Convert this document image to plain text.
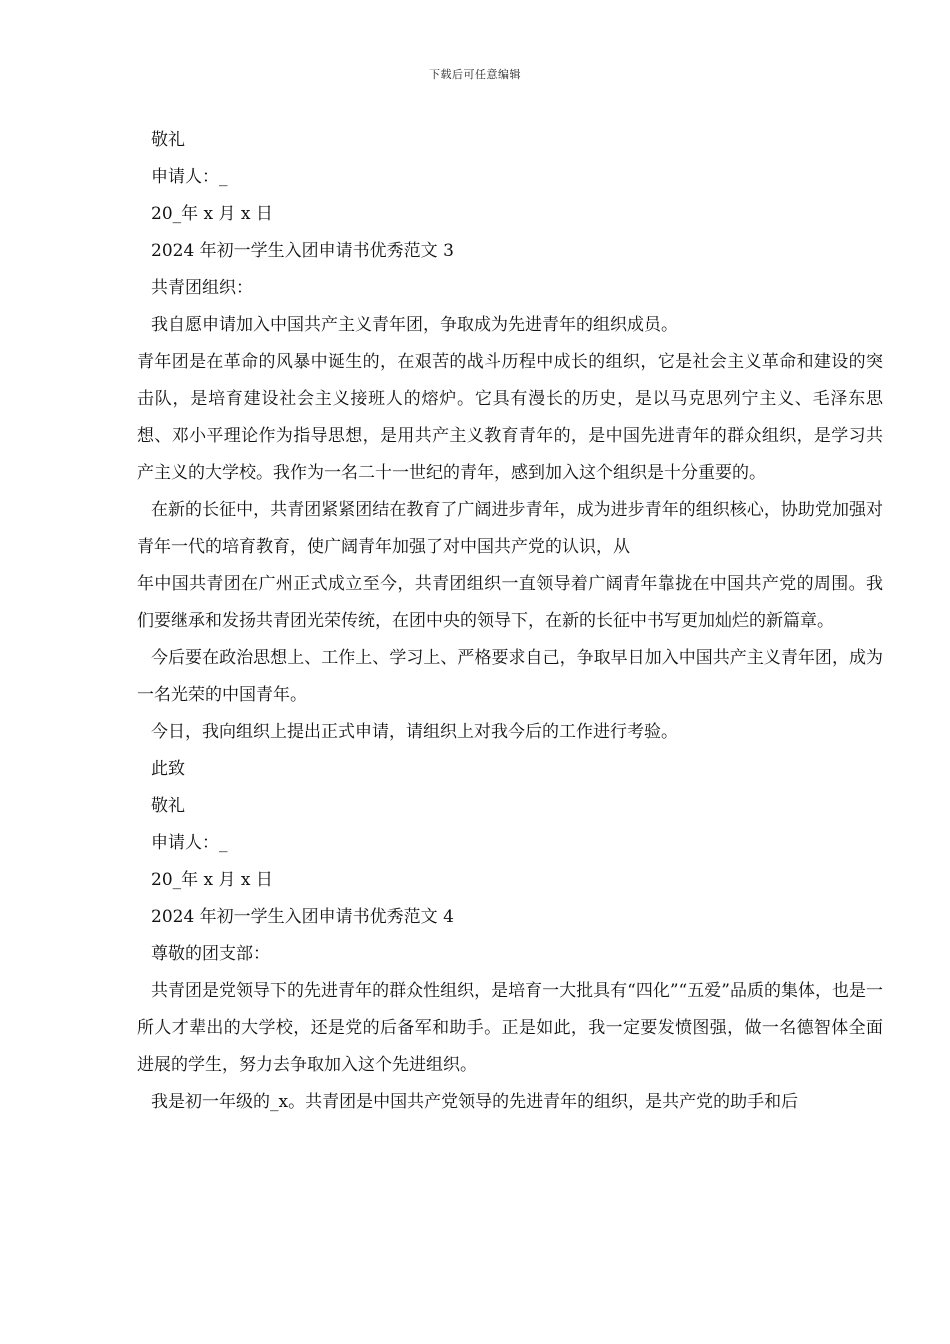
下载后可任意编辑

敬礼

申请人：_

20_年 x 月 x 日

2024 年初一学生入团申请书优秀范文 3

共青团组织：

我自愿申请加入中国共产主义青年团，争取成为先进青年的组织成员。

青年团是在革命的风暴中诞生的，在艰苦的战斗历程中成长的组织，它是社会主义革命和建设的突击队，是培育建设社会主义接班人的熔炉。它具有漫长的历史，是以马克思列宁主义、毛泽东思想、邓小平理论作为指导思想，是用共产主义教育青年的，是中国先进青年的群众组织，是学习共产主义的大学校。我作为一名二十一世纪的青年，感到加入这个组织是十分重要的。

在新的长征中，共青团紧紧团结在教育了广阔进步青年，成为进步青年的组织核心，协助党加强对青年一代的培育教育，使广阔青年加强了对中国共产党的认识，从

年中国共青团在广州正式成立至今，共青团组织一直领导着广阔青年靠拢在中国共产党的周围。我们要继承和发扬共青团光荣传统，在团中央的领导下，在新的长征中书写更加灿烂的新篇章。

今后要在政治思想上、工作上、学习上、严格要求自己，争取早日加入中国共产主义青年团，成为一名光荣的中国青年。

今日，我向组织上提出正式申请，请组织上对我今后的工作进行考验。

此致

敬礼

申请人：_

20_年 x 月 x 日

2024 年初一学生入团申请书优秀范文 4

尊敬的团支部：

共青团是党领导下的先进青年的群众性组织，是培育一大批具有“四化”“五爱”品质的集体，也是一所人才辈出的大学校，还是党的后备军和助手。正是如此，我一定要发愤图强，做一名德智体全面进展的学生，努力去争取加入这个先进组织。

我是初一年级的_x。共青团是中国共产党领导的先进青年的组织，是共产党的助手和后
